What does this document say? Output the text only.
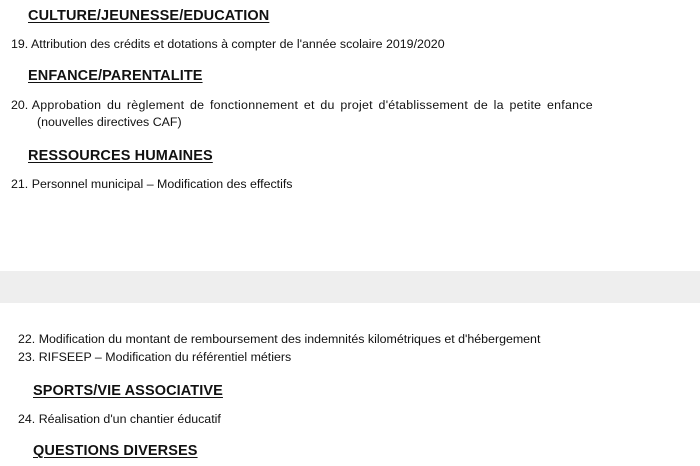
CULTURE/JEUNESSE/EDUCATION
19. Attribution des crédits et dotations à compter de l'année scolaire 2019/2020
ENFANCE/PARENTALITE
20. Approbation du règlement de fonctionnement et du projet d'établissement de la petite enfance
(nouvelles directives CAF)
RESSOURCES HUMAINES
21. Personnel municipal – Modification des effectifs
22. Modification du montant de remboursement des indemnités kilométriques et d'hébergement
23. RIFSEEP – Modification du référentiel métiers
SPORTS/VIE ASSOCIATIVE
24. Réalisation d'un chantier éducatif
QUESTIONS DIVERSES
